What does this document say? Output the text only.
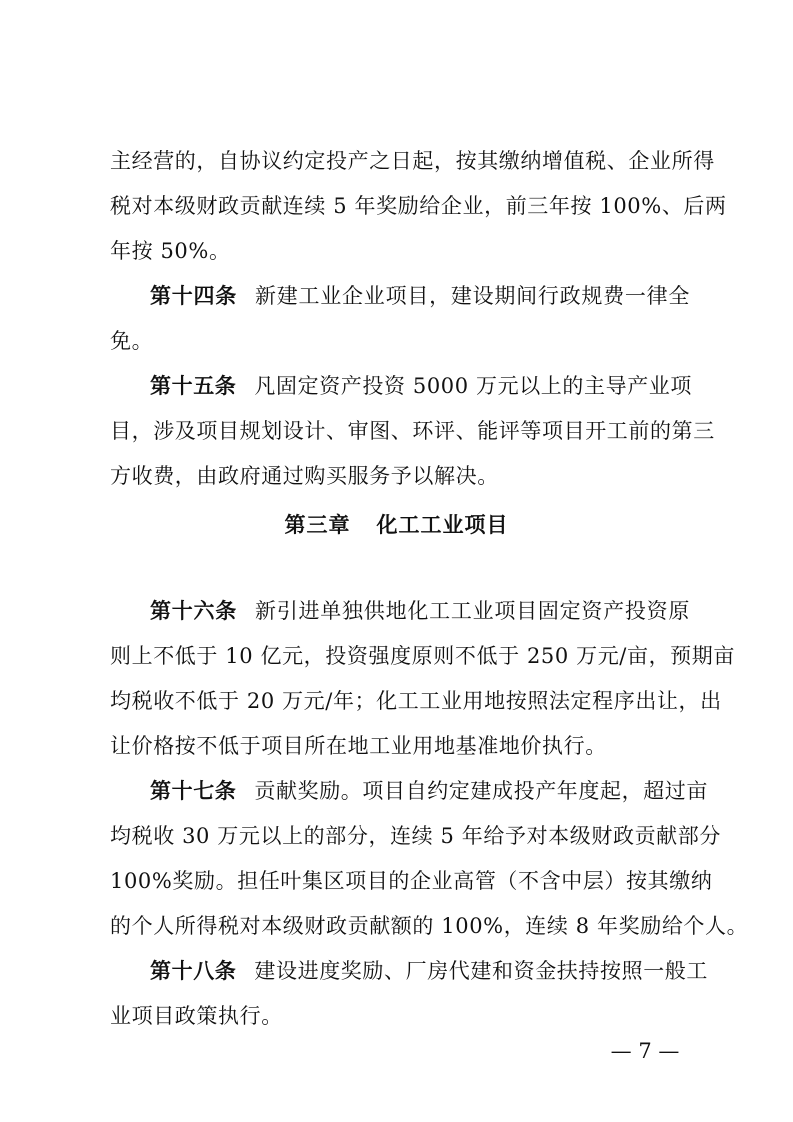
主经营的，自协议约定投产之日起，按其缴纳增值税、企业所得
税对本级财政贡献连续 5 年奖励给企业，前三年按 100%、后两
年按 50%。
第十四条 新建工业企业项目，建设期间行政规费一律全
免。
第十五条 凡固定资产投资 5000 万元以上的主导产业项
目，涉及项目规划设计、审图、环评、能评等项目开工前的第三
方收费，由政府通过购买服务予以解决。
第三章 化工工业项目
第十六条 新引进单独供地化工工业项目固定资产投资原
则上不低于 10 亿元，投资强度原则不低于 250 万元/亩，预期亩
均税收不低于 20 万元/年；化工工业用地按照法定程序出让，出
让价格按不低于项目所在地工业用地基准地价执行。
第十七条 贡献奖励。项目自约定建成投产年度起，超过亩
均税收 30 万元以上的部分，连续 5 年给予对本级财政贡献部分
100%奖励。担任叶集区项目的企业高管（不含中层）按其缴纳
的个人所得税对本级财政贡献额的 100%，连续 8 年奖励给个人。
第十八条 建设进度奖励、厂房代建和资金扶持按照一般工
业项目政策执行。
— 7 —
